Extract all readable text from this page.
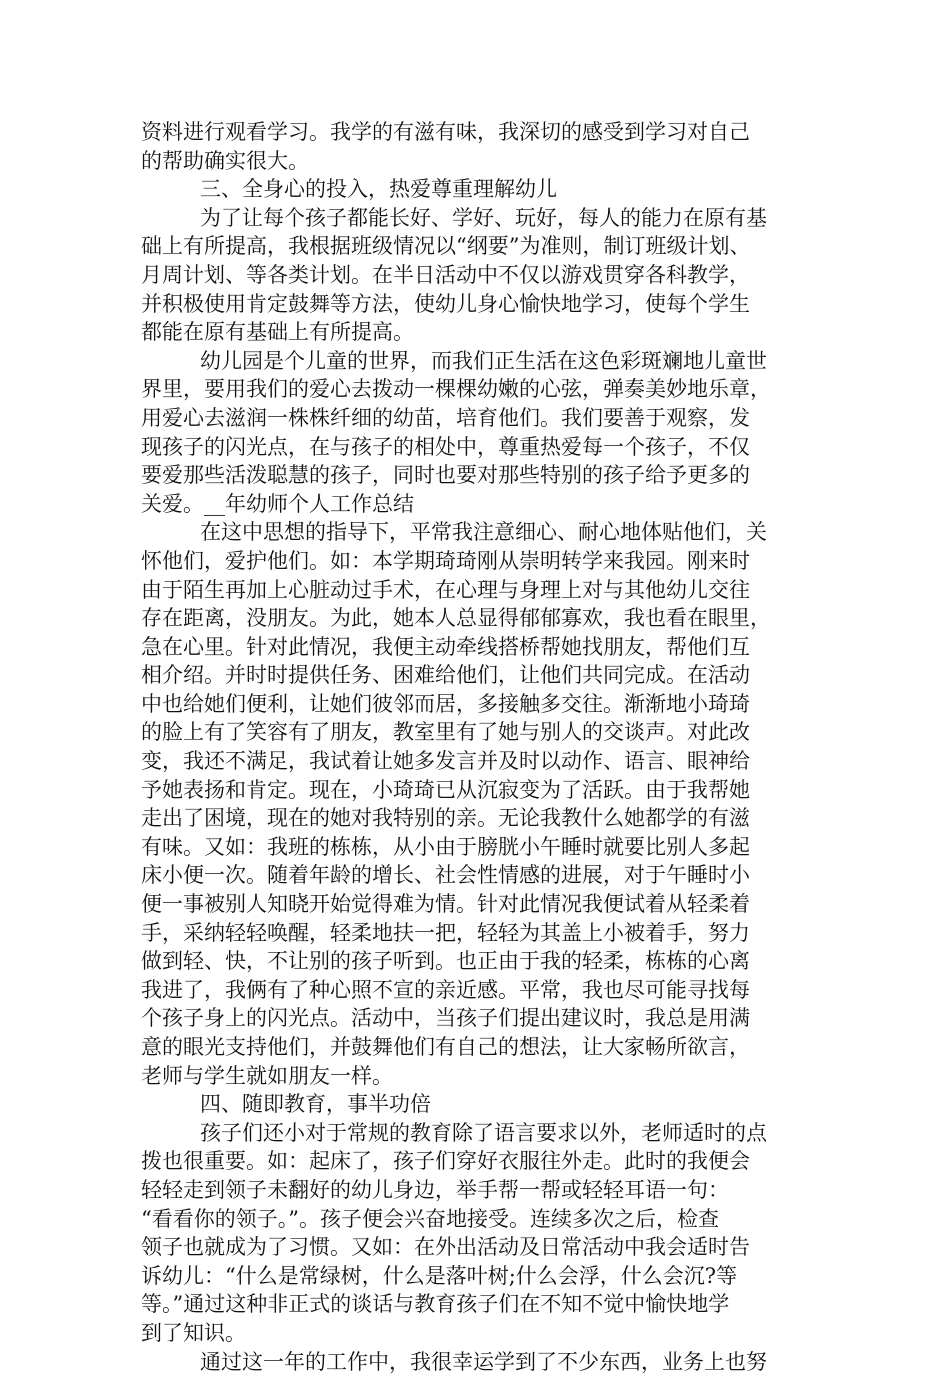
资料进行观看学习。我学的有滋有味，我深切的感受到学习对自己
的帮助确实很大。
三、全身心的投入，热爱尊重理解幼儿
为了让每个孩子都能长好、学好、玩好，每人的能力在原有基
础上有所提高，我根据班级情况以“纲要”为准则，制订班级计划、
月周计划、等各类计划。在半日活动中不仅以游戏贯穿各科教学，
并积极使用肯定鼓舞等方法，使幼儿身心愉快地学习，使每个学生
都能在原有基础上有所提高。
幼儿园是个儿童的世界，而我们正生活在这色彩斑斓地儿童世
界里，要用我们的爱心去拨动一棵棵幼嫩的心弦，弹奏美妙地乐章，
用爱心去滋润一株株纤细的幼苗，培育他们。我们要善于观察，发
现孩子的闪光点，在与孩子的相处中，尊重热爱每一个孩子，不仅
要爱那些活泼聪慧的孩子，同时也要对那些特别的孩子给予更多的
关爱。__年幼师个人工作总结
在这中思想的指导下，平常我注意细心、耐心地体贴他们，关
怀他们，爱护他们。如：本学期琦琦刚从崇明转学来我园。刚来时
由于陌生再加上心脏动过手术，在心理与身理上对与其他幼儿交往
存在距离，没朋友。为此，她本人总显得郁郁寡欢，我也看在眼里，
急在心里。针对此情况，我便主动牵线搭桥帮她找朋友，帮他们互
相介绍。并时时提供任务、困难给他们，让他们共同完成。在活动
中也给她们便利，让她们彼邻而居，多接触多交往。渐渐地小琦琦
的脸上有了笑容有了朋友，教室里有了她与别人的交谈声。对此改
变，我还不满足，我试着让她多发言并及时以动作、语言、眼神给
予她表扬和肯定。现在，小琦琦已从沉寂变为了活跃。由于我帮她
走出了困境，现在的她对我特别的亲。无论我教什么她都学的有滋
有味。又如：我班的栋栋，从小由于膀胱小午睡时就要比别人多起
床小便一次。随着年龄的增长、社会性情感的进展，对于午睡时小
便一事被别人知晓开始觉得难为情。针对此情况我便试着从轻柔着
手，采纳轻轻唤醒，轻柔地扶一把，轻轻为其盖上小被着手，努力
做到轻、快，不让别的孩子听到。也正由于我的轻柔，栋栋的心离
我进了，我俩有了种心照不宣的亲近感。平常，我也尽可能寻找每
个孩子身上的闪光点。活动中，当孩子们提出建议时，我总是用满
意的眼光支持他们，并鼓舞他们有自己的想法，让大家畅所欲言，
老师与学生就如朋友一样。
四、随即教育，事半功倍
孩子们还小对于常规的教育除了语言要求以外，老师适时的点
拨也很重要。如：起床了，孩子们穿好衣服往外走。此时的我便会
轻轻走到领子未翻好的幼儿身边，举手帮一帮或轻轻耳语一句：
“看看你的领子。”。孩子便会兴奋地接受。连续多次之后，检查
领子也就成为了习惯。又如：在外出活动及日常活动中我会适时告
诉幼儿：“什么是常绿树，什么是落叶树;什么会浮，什么会沉?等
等。”通过这种非正式的谈话与教育孩子们在不知不觉中愉快地学
到了知识。
通过这一年的工作中，我很幸运学到了不少东西，业务上也努
